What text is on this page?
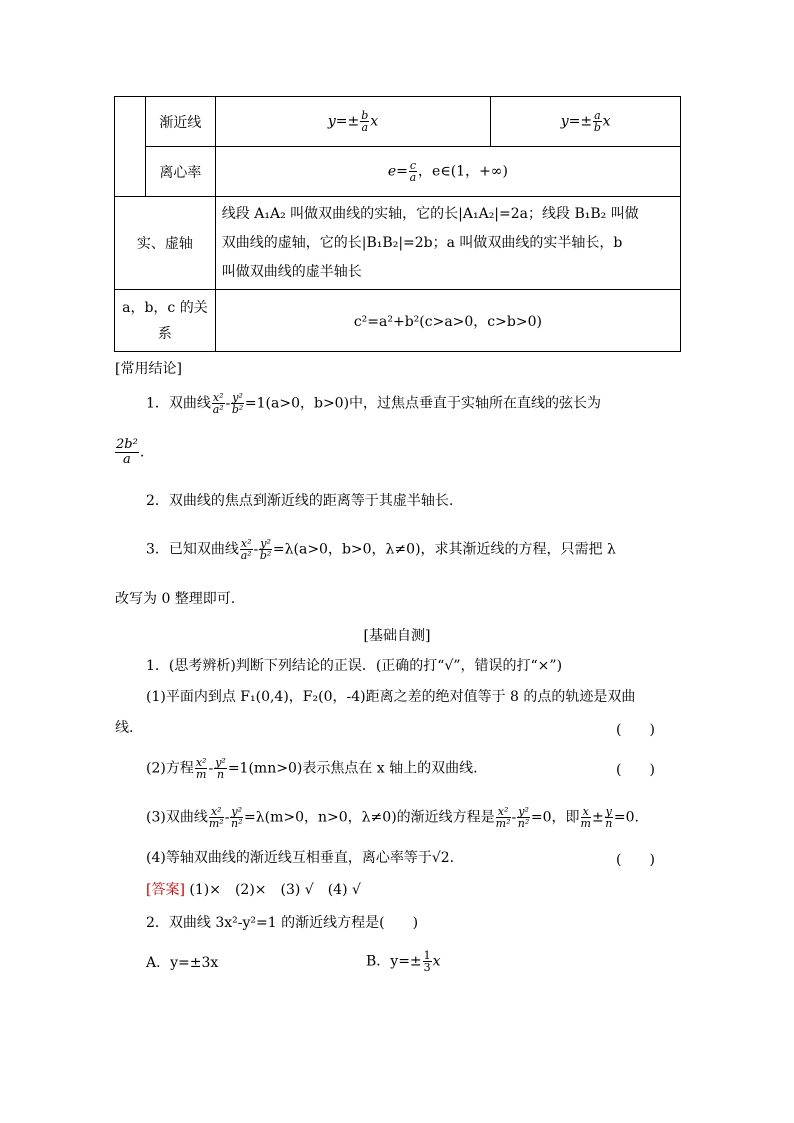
	渐近线	$y=\pm \frac{b}{a}$ x	$y=\pm \frac{a}{b}$ x
	离心率	$e= \frac{c}{a}$ ，e∈(1，+∞)	
实、虚轴		线段 A₁A₂ 叫做双曲线的实轴，它的长|A₁A₂|=2a；线段 B₁B₂ 叫做
双曲线的虚轴，它的长|B₁B₂|=2b；a 叫做双曲线的实半轴长，b
叫做双曲线的虚半轴长	

a，b，c 的关
系		c²=a²+b²(c>a>0，c>b>0)	
[常用结论]
1．双曲线 $\frac{\text{x²}}{\text{a²}} - \frac{\text{y²}}{\text{b²}} =1(a>0$，b>0)中，过焦点垂直于实轴所在直线的弦长为
$\frac{\text{2b²}}{a}$ .
2．双曲线的焦点到渐近线的距离等于其虚半轴长.
3．已知双曲线 $\frac{\text{x²}}{\text{a²}} - \frac{\text{y²}}{\text{b²}} =\lambda(a>0$，b>0，λ≠0)，求其渐近线的方程，只需把 λ
改写为 0 整理即可.
[基础自测]
1．(思考辨析)判断下列结论的正误．(正确的打“√”，错误的打“×”)
(1)平面内到点 F₁(0,4)，F₂(0，-4)距离之差的绝对值等于 8 的点的轨迹是双曲
线.	(　　)
(2)方程 $\frac{\text{x²}}{m} - \frac{\text{y²}}{n} =1(mn>0)$表示焦点在 x 轴上的双曲线.	(　　)
(3)双曲线 $\frac{\text{x²}}{\text{m²}} - \frac{\text{y²}}{\text{n²}} =\lambda(m>0$，n>0，λ≠0)的渐近线方程是 $\frac{\text{x²}}{\text{m²}} - \frac{\text{y²}}{\text{n²}} =0$，即 $\frac{x}{m} \pm \frac{y}{n} =0$.
(4)等轴双曲线的渐近线互相垂直，离心率等于√2.	(　　)
[答案] (1)×　(2)×　(3) √　(4) √
2．双曲线 3x²-y²=1 的渐近线方程是(　　)
A．y=±3x	B．$y=\pm \frac{1}{3}$ x
